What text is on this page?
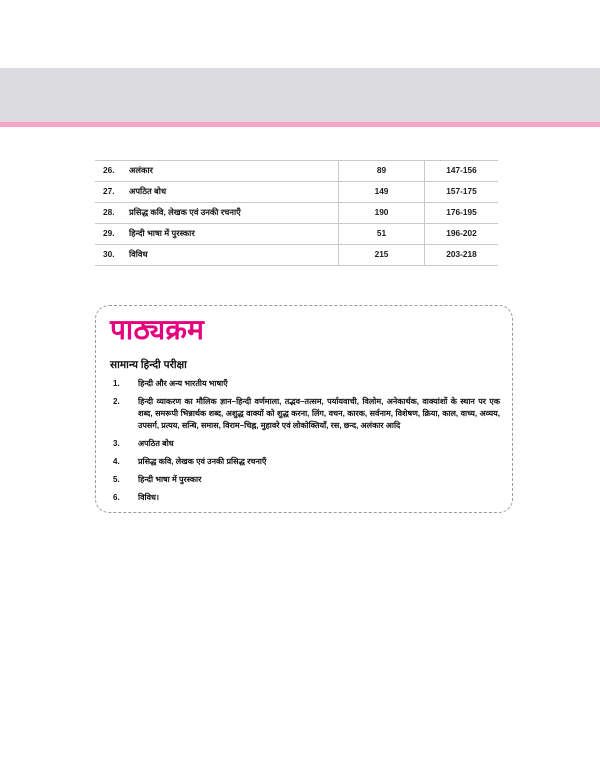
26.	अलंकार	89	147-156
27.	अपठित बोध	149	157-175
28.	प्रसिद्ध कवि, लेखक एवं उनकी रचनाएँ	190	176-195
29.	हिन्दी भाषा में पुरस्कार	51	196-202
30.	विविध	215	203-218
पाठ्यक्रम
सामान्य हिन्दी परीक्षा
1.	हिन्दी और अन्य भारतीय भाषाएँ
2.	हिन्दी व्याकरण का मौलिक ज्ञान–हिन्दी वर्णमाला, तद्भव–तत्सम, पर्यायवाची, विलोम, अनेकार्थक, वाक्यांशों के स्थान पर एक शब्द, समरूपी भिन्नार्थक शब्द, अशुद्ध वाक्यों को शुद्ध करना, लिंग, वचन, कारक, सर्वनाम, विशेषण, क्रिया, काल, वाच्य, अव्यय, उपसर्ग, प्रत्यय, सन्धि, समास, विराम–चिह्न, मुहावरे एवं लोकोक्तियाँ, रस, छन्द, अलंकार आदि
3.	अपठित बोध
4.	प्रसिद्ध कवि, लेखक एवं उनकी प्रसिद्ध रचनाएँ
5.	हिन्दी भाषा में पुरस्कार
6.	विविध।
